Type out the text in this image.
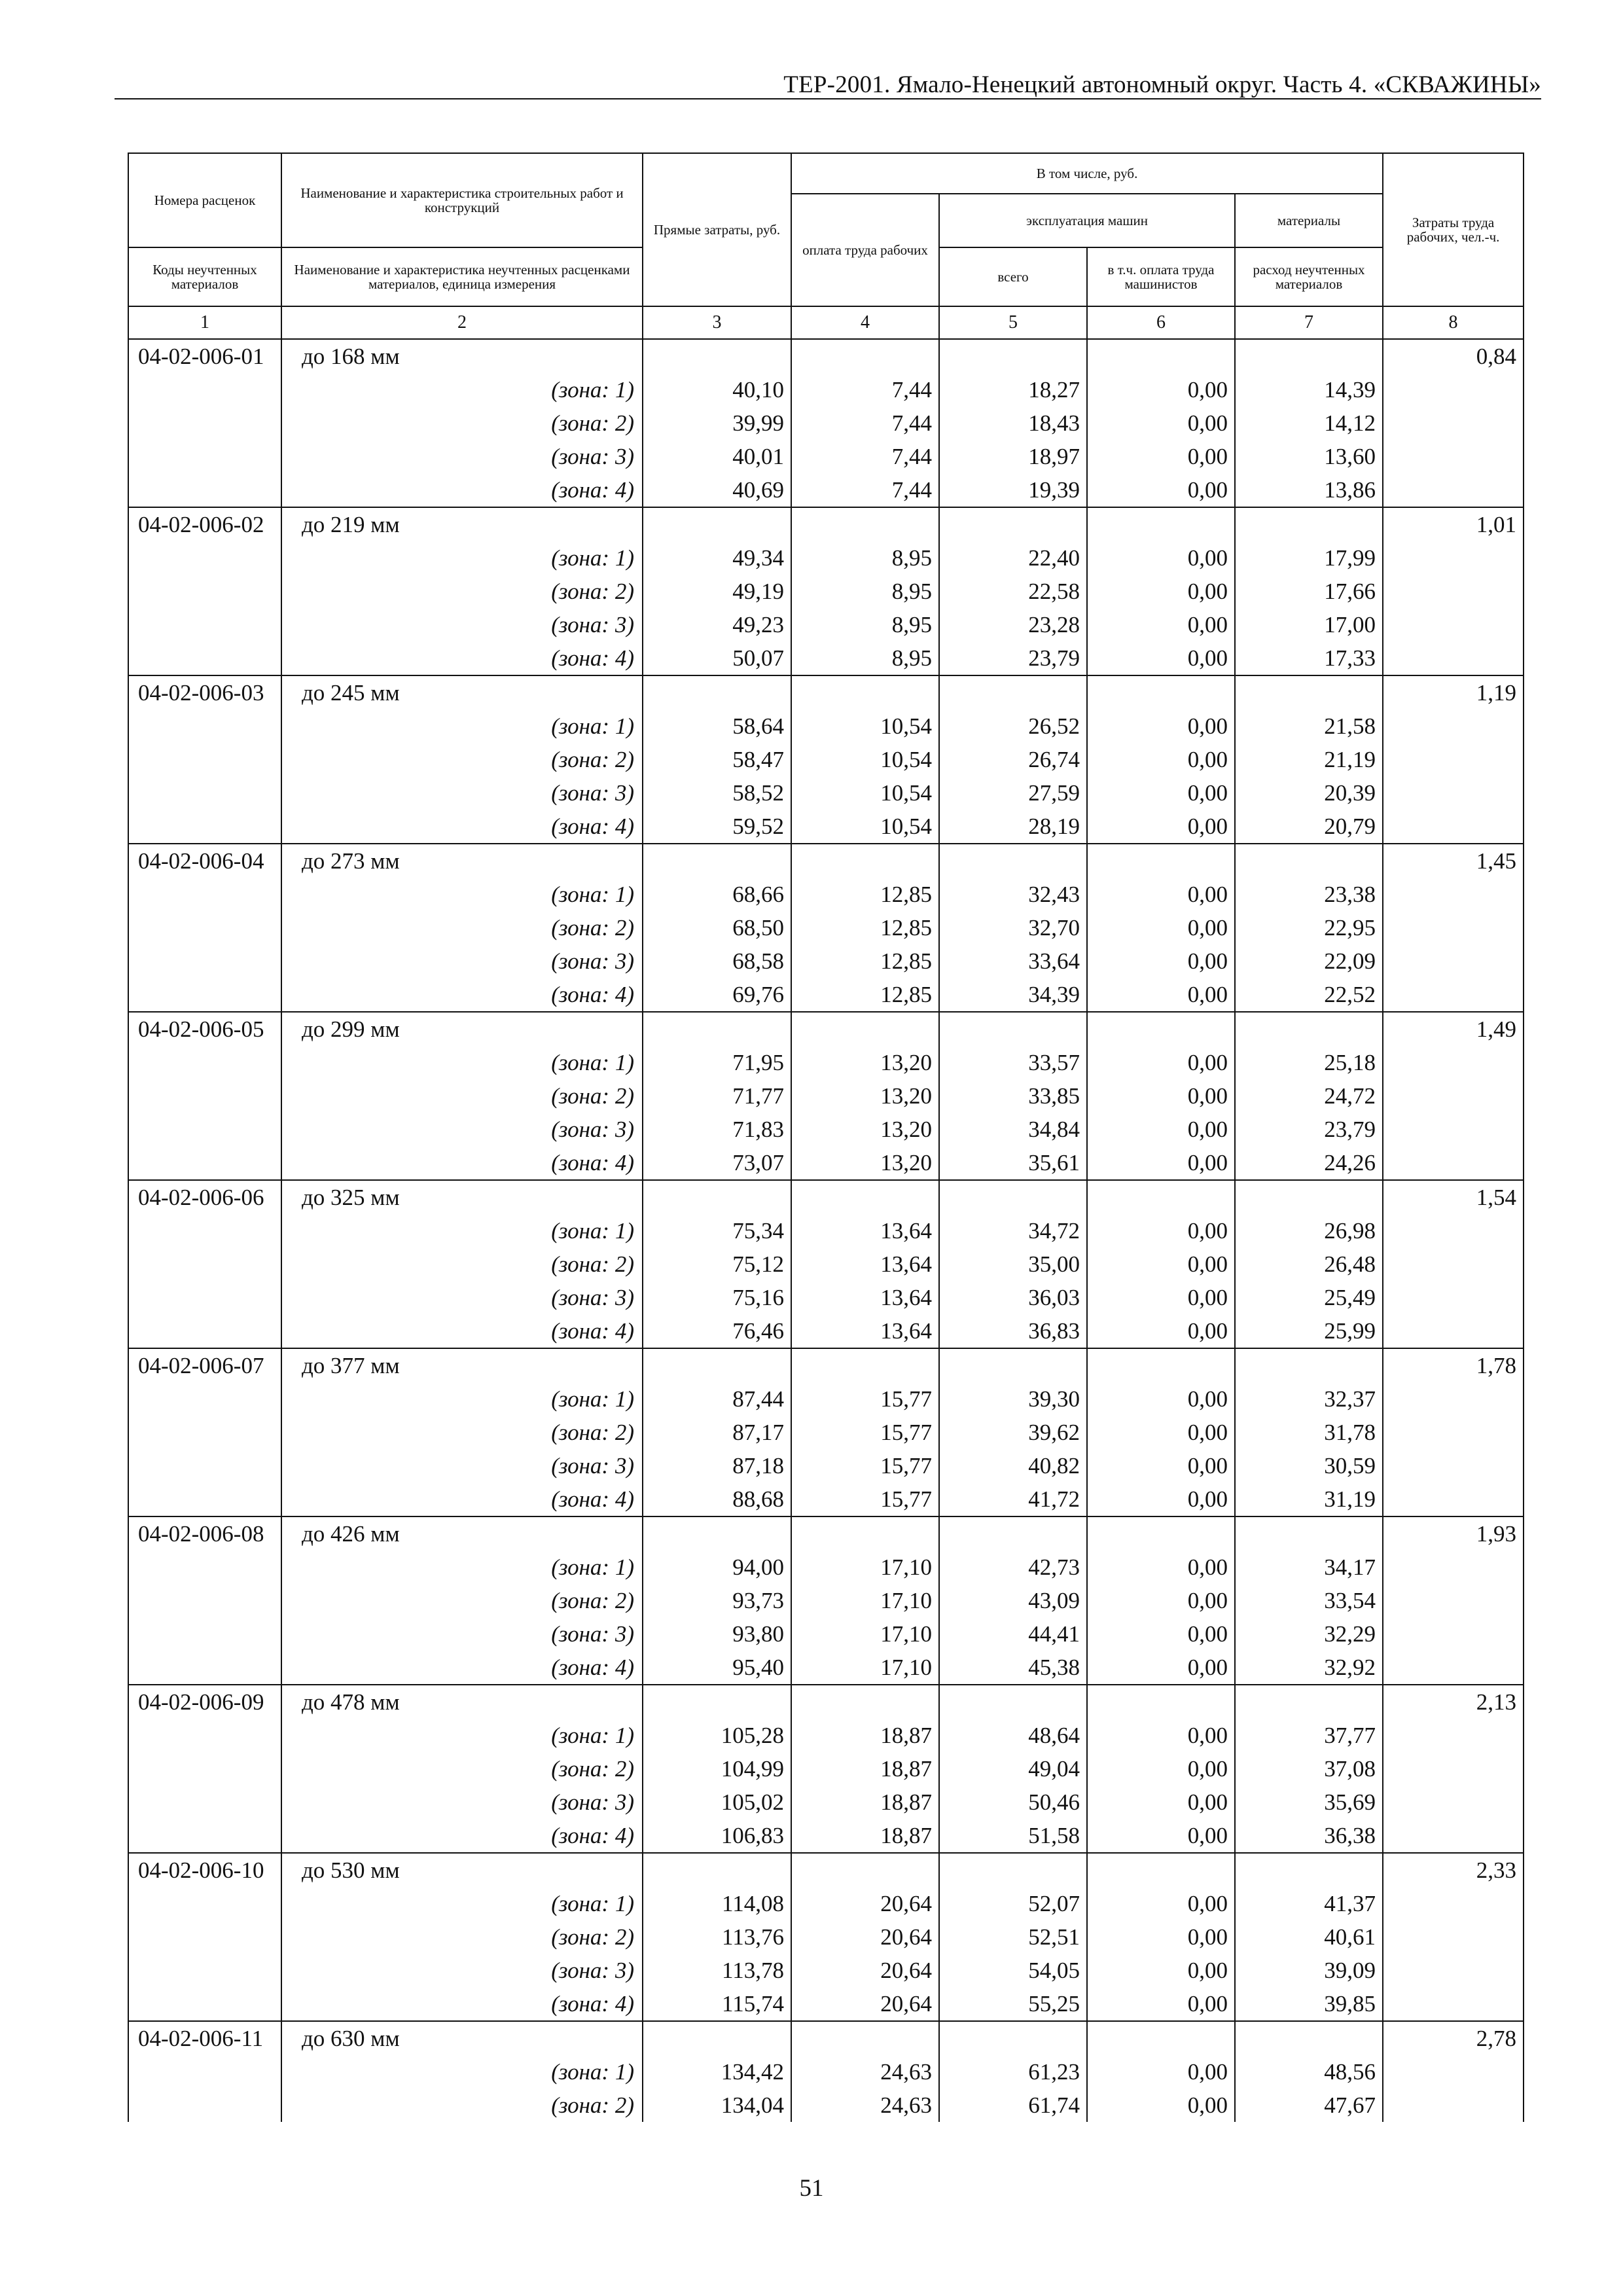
ТЕР-2001. Ямало-Ненецкий автономный округ. Часть 4. «СКВАЖИНЫ»
Номера расценок	Наименование и характеристика строительных работ и конструкций	Прямые затраты, руб.	В том числе, руб.				Затраты труда рабочих, чел.-ч.
			оплата труда рабочих	эксплуатация машин		материалы	
Коды неучтенных материалов	Наименование и характеристика неучтенных расценками материалов, единица измерения			всего	в т.ч. оплата труда машинистов	расход неучтенных материалов	
1	2	3	4	5	6	7	8
04-02-006-01	до 168 мм						0,84
	(зона: 1)	40,10	7,44	18,27	0,00	14,39	
	(зона: 2)	39,99	7,44	18,43	0,00	14,12	
	(зона: 3)	40,01	7,44	18,97	0,00	13,60	
	(зона: 4)	40,69	7,44	19,39	0,00	13,86	
04-02-006-02	до 219 мм						1,01
	(зона: 1)	49,34	8,95	22,40	0,00	17,99	
	(зона: 2)	49,19	8,95	22,58	0,00	17,66	
	(зона: 3)	49,23	8,95	23,28	0,00	17,00	
	(зона: 4)	50,07	8,95	23,79	0,00	17,33	
04-02-006-03	до 245 мм						1,19
	(зона: 1)	58,64	10,54	26,52	0,00	21,58	
	(зона: 2)	58,47	10,54	26,74	0,00	21,19	
	(зона: 3)	58,52	10,54	27,59	0,00	20,39	
	(зона: 4)	59,52	10,54	28,19	0,00	20,79	
04-02-006-04	до 273 мм						1,45
	(зона: 1)	68,66	12,85	32,43	0,00	23,38	
	(зона: 2)	68,50	12,85	32,70	0,00	22,95	
	(зона: 3)	68,58	12,85	33,64	0,00	22,09	
	(зона: 4)	69,76	12,85	34,39	0,00	22,52	
04-02-006-05	до 299 мм						1,49
	(зона: 1)	71,95	13,20	33,57	0,00	25,18	
	(зона: 2)	71,77	13,20	33,85	0,00	24,72	
	(зона: 3)	71,83	13,20	34,84	0,00	23,79	
	(зона: 4)	73,07	13,20	35,61	0,00	24,26	
04-02-006-06	до 325 мм						1,54
	(зона: 1)	75,34	13,64	34,72	0,00	26,98	
	(зона: 2)	75,12	13,64	35,00	0,00	26,48	
	(зона: 3)	75,16	13,64	36,03	0,00	25,49	
	(зона: 4)	76,46	13,64	36,83	0,00	25,99	
04-02-006-07	до 377 мм						1,78
	(зона: 1)	87,44	15,77	39,30	0,00	32,37	
	(зона: 2)	87,17	15,77	39,62	0,00	31,78	
	(зона: 3)	87,18	15,77	40,82	0,00	30,59	
	(зона: 4)	88,68	15,77	41,72	0,00	31,19	
04-02-006-08	до 426 мм						1,93
	(зона: 1)	94,00	17,10	42,73	0,00	34,17	
	(зона: 2)	93,73	17,10	43,09	0,00	33,54	
	(зона: 3)	93,80	17,10	44,41	0,00	32,29	
	(зона: 4)	95,40	17,10	45,38	0,00	32,92	
04-02-006-09	до 478 мм						2,13
	(зона: 1)	105,28	18,87	48,64	0,00	37,77	
	(зона: 2)	104,99	18,87	49,04	0,00	37,08	
	(зона: 3)	105,02	18,87	50,46	0,00	35,69	
	(зона: 4)	106,83	18,87	51,58	0,00	36,38	
04-02-006-10	до 530 мм						2,33
	(зона: 1)	114,08	20,64	52,07	0,00	41,37	
	(зона: 2)	113,76	20,64	52,51	0,00	40,61	
	(зона: 3)	113,78	20,64	54,05	0,00	39,09	
	(зона: 4)	115,74	20,64	55,25	0,00	39,85	
04-02-006-11	до 630 мм						2,78
	(зона: 1)	134,42	24,63	61,23	0,00	48,56	
	(зона: 2)	134,04	24,63	61,74	0,00	47,67	
51
